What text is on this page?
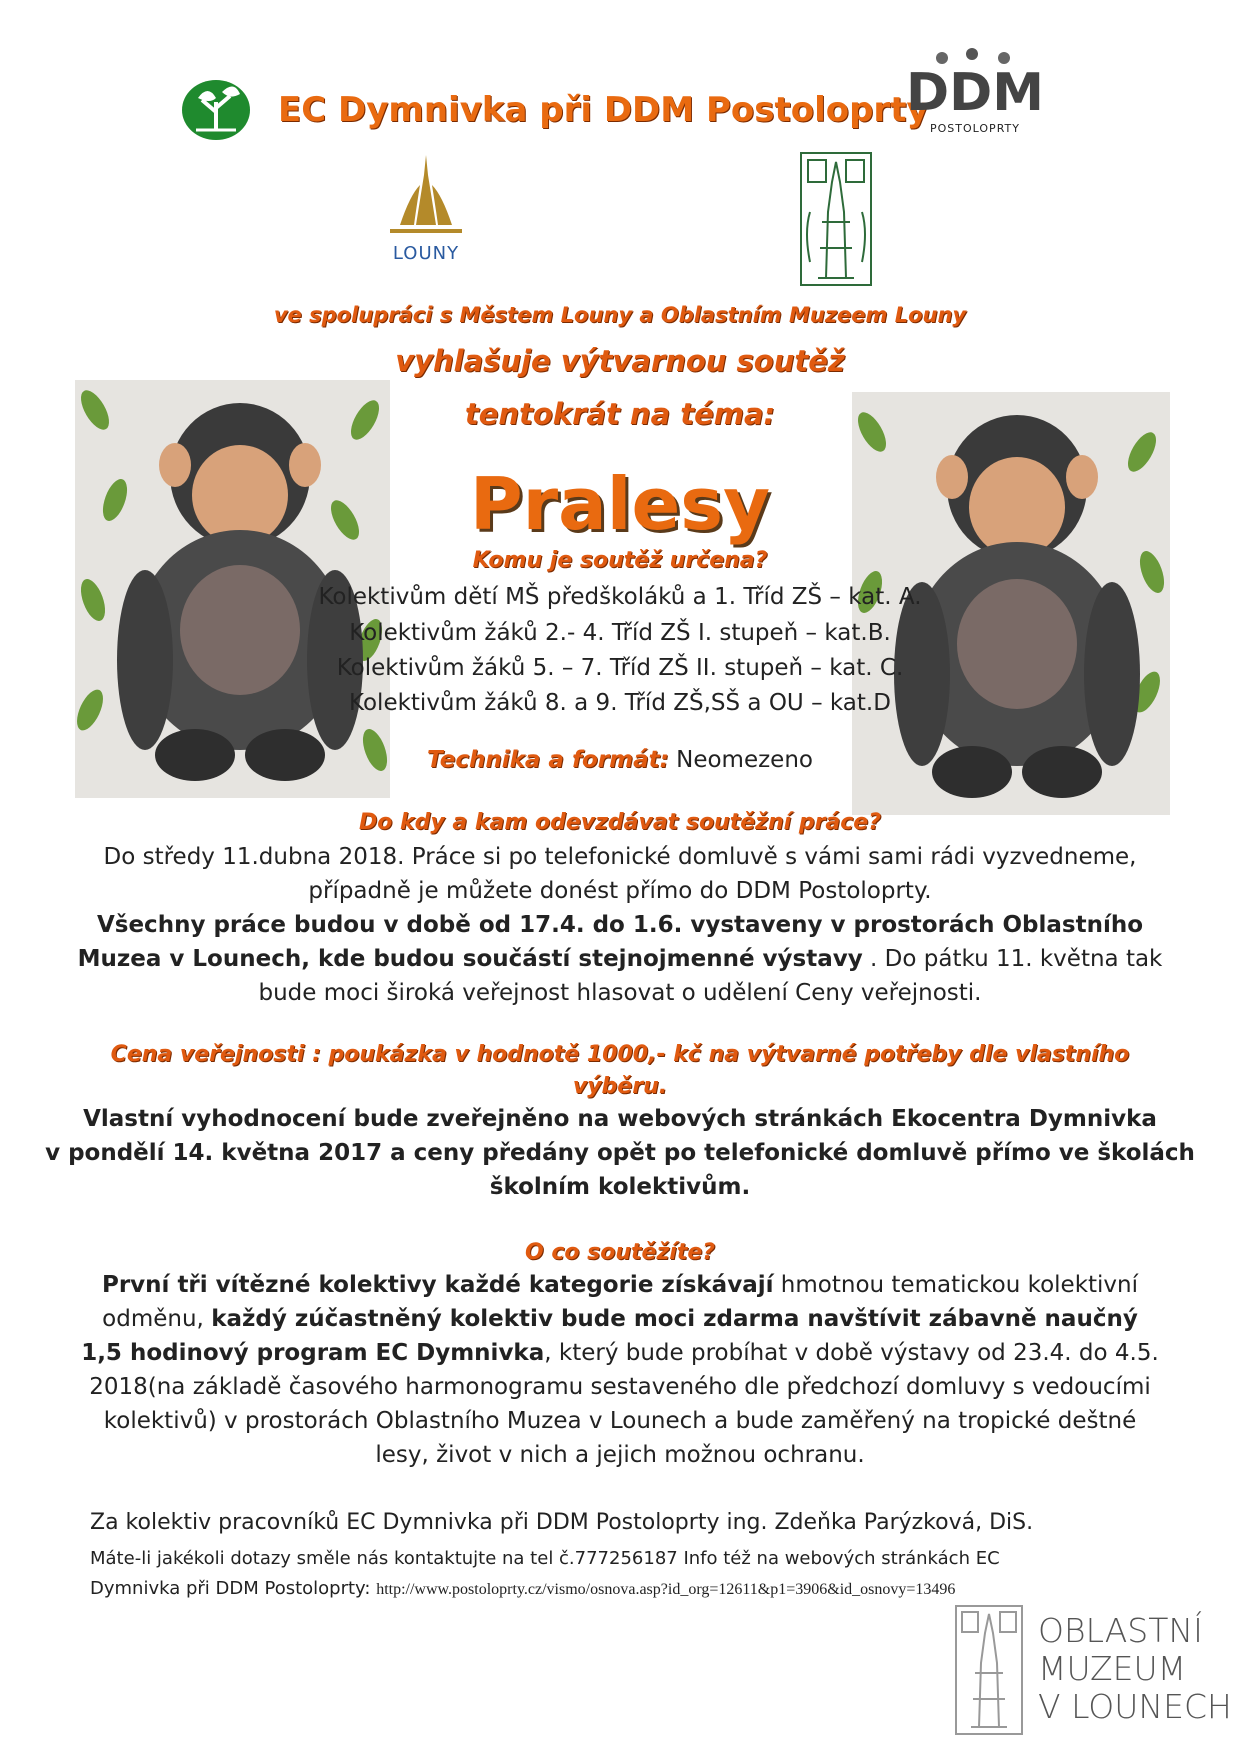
EC Dymnivka při DDM Postoloprty
DDM
POSTOLOPRTY
LOUNY
ve spolupráci s Městem Louny a Oblastním Muzeem Louny
vyhlašuje výtvarnou soutěž
tentokrát na téma:
Pralesy
Komu je soutěž určena?
Kolektivům dětí MŠ předškoláků a 1. Tříd ZŠ – kat. A.
Kolektivům žáků 2.- 4. Tříd ZŠ I. stupeň – kat.B.
Kolektivům žáků 5. – 7. Tříd ZŠ II. stupeň – kat. C.
Kolektivům žáků 8. a 9. Tříd ZŠ,SŠ a OU – kat.D
Technika a formát: Neomezeno
Do kdy a kam odevzdávat soutěžní práce?
Do středy 11.dubna 2018. Práce si po telefonické domluvě s vámi sami rádi vyzvedneme,
případně je můžete donést přímo do DDM Postoloprty.
Všechny práce budou v době od 17.4. do 1.6. vystaveny v prostorách Oblastního
Muzea v Lounech, kde budou součástí stejnojmenné výstavy . Do pátku 11. května tak
bude moci široká veřejnost hlasovat o udělení Ceny veřejnosti.
Cena veřejnosti : poukázka v hodnotě 1000,- kč na výtvarné potřeby dle vlastního
výběru.
Vlastní vyhodnocení bude zveřejněno na webových stránkách Ekocentra Dymnivka
v pondělí 14. května 2017 a ceny předány opět po telefonické domluvě přímo ve školách
školním kolektivům.
O co soutěžíte?
První tři vítězné kolektivy každé kategorie získávají hmotnou tematickou kolektivní
odměnu, každý zúčastněný kolektiv bude moci zdarma navštívit zábavně naučný
1,5 hodinový program EC Dymnivka, který bude probíhat v době výstavy od 23.4. do 4.5.
2018(na základě časového harmonogramu sestaveného dle předchozí domluvy s vedoucími
kolektivů) v prostorách Oblastního Muzea v Lounech a bude zaměřený na tropické deštné
lesy, život v nich a jejich možnou ochranu.
Za kolektiv pracovníků EC Dymnivka při DDM Postoloprty ing. Zdeňka Parýzková, DiS.
Máte-li jakékoli dotazy směle nás kontaktujte na tel č.777256187 Info též na webových stránkách EC
Dymnivka při DDM Postoloprty: http://www.postoloprty.cz/vismo/osnova.asp?id_org=12611&p1=3906&id_osnovy=13496
OBLASTNÍ
MUZEUM
V LOUNECH
